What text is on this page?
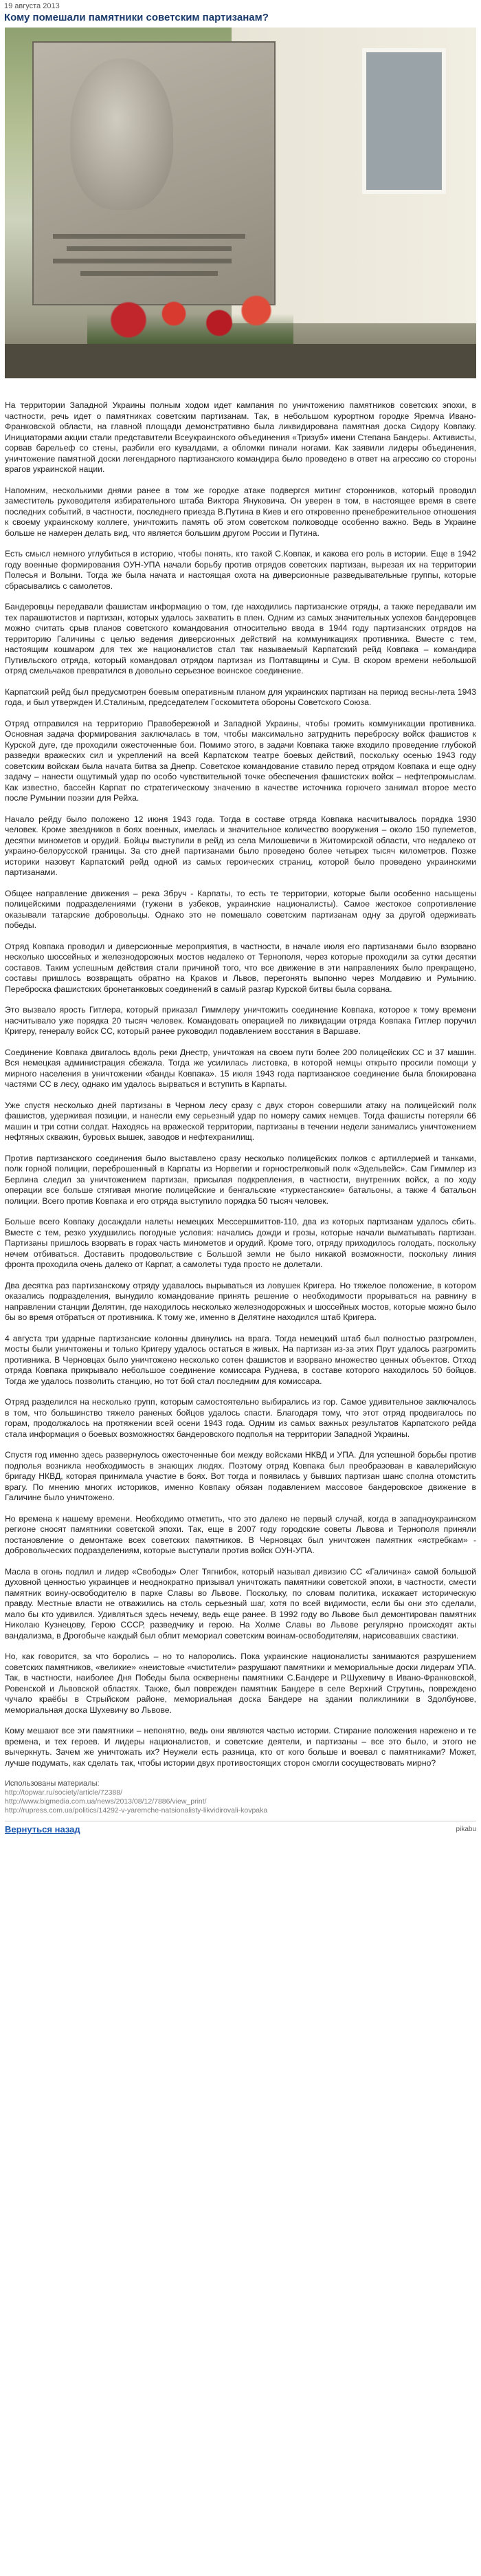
19 августа 2013
Кому помешали памятники советским партизанам?

На территории Западной Украины полным ходом идет кампания по уничтожению памятников советских эпохи, в частности, речь идет о памятниках советским партизанам. Так, в небольшом курортном городке Яремча Ивано-Франковской области, на главной площади демонстративно была ликвидирована памятная доска Сидору Ковпаку. Инициаторами акции стали представители Всеукраинского объединения «Тризуб» имени Степана Бандеры. Активисты, сорвав барельеф со стены, разбили его кувалдами, а обломки пинали ногами. Как заявили лидеры объединения, уничтожение памятной доски легендарного партизанского командира было проведено в ответ на агрессию со стороны врагов украинской нации.

Напомним, несколькими днями ранее в том же городке атаке подвергся митинг сторонников, который проводил заместитель руководителя избирательного штаба Виктора Януковича. Он уверен в том, в настоящее время в свете последних событий, в частности, последнего приезда В.Путина в Киев и его откровенно пренебрежительное отношения к своему украинскому коллеге, уничтожить память об этом советском полководце особенно важно. Ведь в Украине больше не намерен делать вид, что является большим другом России и Путина.

Есть смысл немного углубиться в историю, чтобы понять, кто такой С.Ковпак, и какова его роль в истории. Еще в 1942 году военные формирования ОУН-УПА начали борьбу против отрядов советских партизан, вырезая их на территории Полесья и Волыни. Тогда же была начата и настоящая охота на диверсионные разведывательные группы, которые сбрасывались с самолетов.

Бандеровцы передавали фашистам информацию о том, где находились партизанские отряды, а также передавали им тех парашютистов и партизан, которых удалось захватить в плен. Одним из самых значительных успехов бандеровцев можно считать срыв планов советского командования относительно ввода в 1944 году партизанских отрядов на территорию Галичины с целью ведения диверсионных действий на коммуникациях противника. Вместе с тем, настоящим кошмаром для тех же националистов стал так называемый Карпатский рейд Ковпака – командира Путивльского отряда, который командовал отрядом партизан из Полтавщины и Сум. В скором времени небольшой отряд смельчаков превратился в довольно серьезное воинское соединение.

Карпатский рейд был предусмотрен боевым оперативным планом для украинских партизан на период весны-лета 1943 года, и был утвержден И.Сталиным, председателем Госкомитета обороны Советского Союза.

Отряд отправился на территорию Правобережной и Западной Украины, чтобы громить коммуникации противника. Основная задача формирования заключалась в том, чтобы максимально затруднить переброску войск фашистов к Курской дуге, где проходили ожесточенные бои. Помимо этого, в задачи Ковпака также входило проведение глубокой разведки вражеских сил и укреплений на всей Карпатском театре боевых действий, поскольку осенью 1943 году советским войскам была начата битва за Днепр. Советское командование ставило перед отрядом Ковпака и еще одну задачу – нанести ощутимый удар по особо чувствительной точке обеспечения фашистских войск – нефтепромыслам. Как известно, бассейн Карпат по стратегическому значению в качестве источника горючего занимал второе место после Румынии поэзии для Рейха.

Начало рейду было положено 12 июня 1943 года. Тогда в составе отряда Ковпака насчитывалось порядка 1930 человек. Кроме звездников в боях военных, имелась и значительное количество вооружения – около 150 пулеметов, десятки минометов и орудий. Бойцы выступили в рейд из села Милошевичи в Житомирской области, что недалеко от украино-белорусской границы. За сто дней партизанами было проведено более четырех тысяч километров. Позже историки назовут Карпатский рейд одной из самых героических страниц, которой было проведено украинскими партизанами.

Общее направление движения – река Збруч - Карпаты, то есть те территории, которые были особенно насыщены полицейскими подразделениями (тужени в узбеков, украинские националисты). Самое жестокое сопротивление оказывали татарские добровольцы. Однако это не помешало советским партизанам одну за другой одерживать победы.

Отряд Ковпака проводил и диверсионные мероприятия, в частности, в начале июля его партизанами было взорвано несколько шоссейных и железнодорожных мостов недалеко от Тернополя, через которые проходили за сутки десятки составов. Таким успешным действия стали причиной того, что все движение в эти направлениях было прекращено, составы пришлось возвращать обратно на Краков и Львов, перегонять выпонно через Молдавию и Румынию. Переброска фашистских бронетанковых соединений в самый разгар Курской битвы была сорвана.

Это вызвало ярость Гитлера, который приказал Гиммлеру уничтожить соединение Ковпака, которое к тому времени насчитывало уже порядка 20 тысяч человек. Командовать операцией по ликвидации отряда Ковпака Гитлер поручил Кригеру, генералу войск СС, который ранее руководил подавлением восстания в Варшаве.

Соединение Ковпака двигалось вдоль реки Днестр, уничтожая на своем пути более 200 полицейских СС и 37 машин. Вся немецкая администрация сбежала. Тогда же усилилась листовка, в которой немцы открыто просили помощи у мирного населения в уничтожении «банды Ковпака». 15 июля 1943 года партизанское соединение была блокирована частями СС в лесу, однако им удалось вырваться и вступить в Карпаты.

Уже спустя несколько дней партизаны в Черном лесу сразу с двух сторон совершили атаку на полицейский полк фашистов, удерживая позиции, и нанесли ему серьезный удар по номеру самих немцев. Тогда фашисты потеряли 66 машин и три сотни солдат. Находясь на вражеской территории, партизаны в течении недели занимались уничтожением нефтяных скважин, буровых вышек, заводов и нефтехранилищ.

Против партизанского соединения было выставлено сразу несколько полицейских полков с артиллерией и танками, полк горной полиции, переброшенный в Карпаты из Норвегии и горнострелковый полк «Эдельвейс». Сам Гиммлер из Берлина следил за уничтожением партизан, присылая подкрепления, в частности, внутренних войск, а по ходу операции все больше стягивая многие полицейские и бенгальские «туркестанские» батальоны, а также 4 батальон полиции. Всего против Ковпака и его отряда выступило порядка 50 тысяч человек.

Больше всего Ковпаку досаждали налеты немецких Мессершмиттов-110, два из которых партизанам удалось сбить. Вместе с тем, резко ухудшились погодные условия: начались дожди и грозы, которые начали выматывать партизан. Партизаны пришлось взорвать в горах часть минометов и орудий. Кроме того, отряду приходилось голодать, поскольку нечем отбиваться. Доставить продовольствие с Большой земли не было никакой возможности, поскольку линия фронта проходила очень далеко от Карпат, а самолеты туда просто не долетали.

Два десятка раз партизанскому отряду удавалось вырываться из ловушек Кригера. Но тяжелое положение, в котором оказались подразделения, вынудило командование принять решение о необходимости прорываться на равнину в направлении станции Делятин, где находилось несколько железнодорожных и шоссейных мостов, которые можно было бы во время отбраться от противника. К тому же, именно в Делятине находился штаб Кригера.

4 августа три ударные партизанские колонны двинулись на врага. Тогда немецкий штаб был полностью разгромлен, мосты были уничтожены и только Кригеру удалось остаться в живых. На партизан из-за этих Прут удалось разгромить противника. В Черновцах было уничтожено несколько сотен фашистов и взорвано множество ценных объектов. Отход отряда Ковпака прикрывало небольшое соединение комиссара Руднева, в составе которого находилось 50 бойцов. Тогда же удалось позволить станцию, но тот бой стал последним для комиссара.

Отряд разделился на несколько групп, которым самостоятельно выбирались из гор. Самое удивительное заключалось в том, что большинство тяжело раненых бойцов удалось спасти. Благодаря тому, что этот отряд продвигалось по горам, продолжалось на протяжении всей осени 1943 года. Одним из самых важных результатов Карпатского рейда стала информация о боевых возможностях бандеровского подполья на территории Западной Украины.

Спустя год именно здесь развернулось ожесточенные бои между войсками НКВД и УПА. Для успешной борьбы против подполья возникла необходимость в знающих людях. Поэтому отряд Ковпака был преобразован в кавалерийскую бригаду НКВД, которая принимала участие в боях. Вот тогда и появилась у бывших партизан шанс сполна отомстить врагу. По мнению многих историков, именно Ковпаку обязан подавлением массовое бандеровское движение в Галичине было уничтожено.

Но времена к нашему времени. Необходимо отметить, что это далеко не первый случай, когда в западноукраинском регионе сносят памятники советской эпохи. Так, еще в 2007 году городские советы Львова и Тернополя приняли постановление о демонтаже всех советских памятников. В Черновцах был уничтожен памятник «ястребкам» - добровольческих подразделениям, которые выступали против войск ОУН-УПА.

Масла в огонь подлил и лидер «Свободы» Олег Тягнибок, который называл дивизию СС «Галичина» самой большой духовной ценностью украинцев и неоднократно призывал уничтожать памятники советской эпохи, в частности, смести памятник воину-освободителю в парке Славы во Львове. Поскольку, по словам политика, искажает историческую правду. Местные власти не отважились на столь серьезный шаг, хотя по всей видимости, если бы они это сделали, мало бы кто удивился. Удивляться здесь нечему, ведь еще ранее. В 1992 году во Львове был демонтирован памятник Николаю Кузнецову, Герою СССР, разведчику и герою. На Холме Славы во Львове регулярно происходят акты вандализма, в Дрогобыче каждый был облит мемориал советским воинам-освободителям, нарисовавших свастики.

Но, как говорится, за что боролись – но то напоролись. Пока украинские националисты занимаются разрушением советских памятников, «великие» «неистовые «чистители» разрушают памятники и мемориальные доски лидерам УПА. Так, в частности, наиболее Дня Победы была осквернены памятники С.Бандере и Р.Шухевичу в Ивано-Франковской, Ровенской и Львовской областях. Также, был поврежден памятник Бандере в селе Верхний Струтинь, повреждено чучало краёбы в Стрыйском районе, мемориальная доска Бандере на здании поликлиники в Здолбунове, мемориальная доска Шухевичу во Львове.

Кому мешают все эти памятники – непонятно, ведь они являются частью истории. Стирание положения нарежено и те времена, и тех героев. И лидеры националистов, и советские деятели, и партизаны – все это было, и этого не вычеркнуть. Зачем же уничтожать их? Неужели есть разница, кто от кого больше и воевал с памятниками? Может, лучше подумать, как сделать так, чтобы истории двух противостоящих сторон смогли сосуществовать мирно?

Использованы материалы:
http://topwar.ru/society/article/72388/
http://www.bigmedia.com.ua/news/2013/08/12/7886/view_print/
http://rupress.com.ua/politics/14292-v-yaremche-natsionalisty-likvidirovali-kovpaka
Вернуться назад	pikabu
